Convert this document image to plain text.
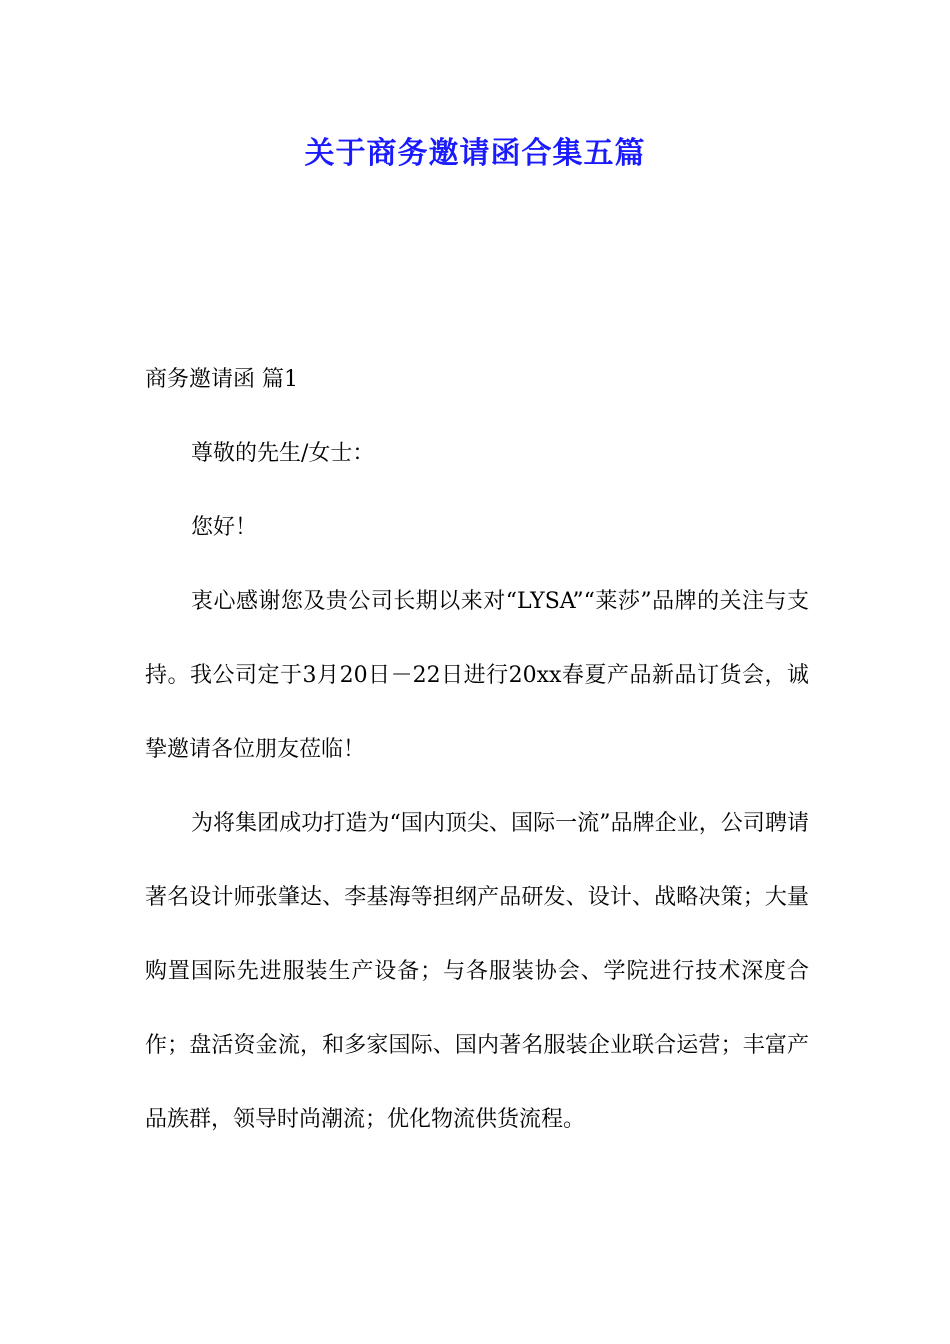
关于商务邀请函合集五篇

商务邀请函 篇1

尊敬的先生/女士：

您好！

衷心感谢您及贵公司长期以来对“LYSA”“莱莎”品牌的关注与支持。我公司定于3月20日－22日进行20xx春夏产品新品订货会，诚挚邀请各位朋友莅临！

为将集团成功打造为“国内顶尖、国际一流”品牌企业，公司聘请著名设计师张肇达、李基海等担纲产品研发、设计、战略决策；大量购置国际先进服装生产设备；与各服装协会、学院进行技术深度合作；盘活资金流，和多家国际、国内著名服装企业联合运营；丰富产品族群，领导时尚潮流；优化物流供货流程。
